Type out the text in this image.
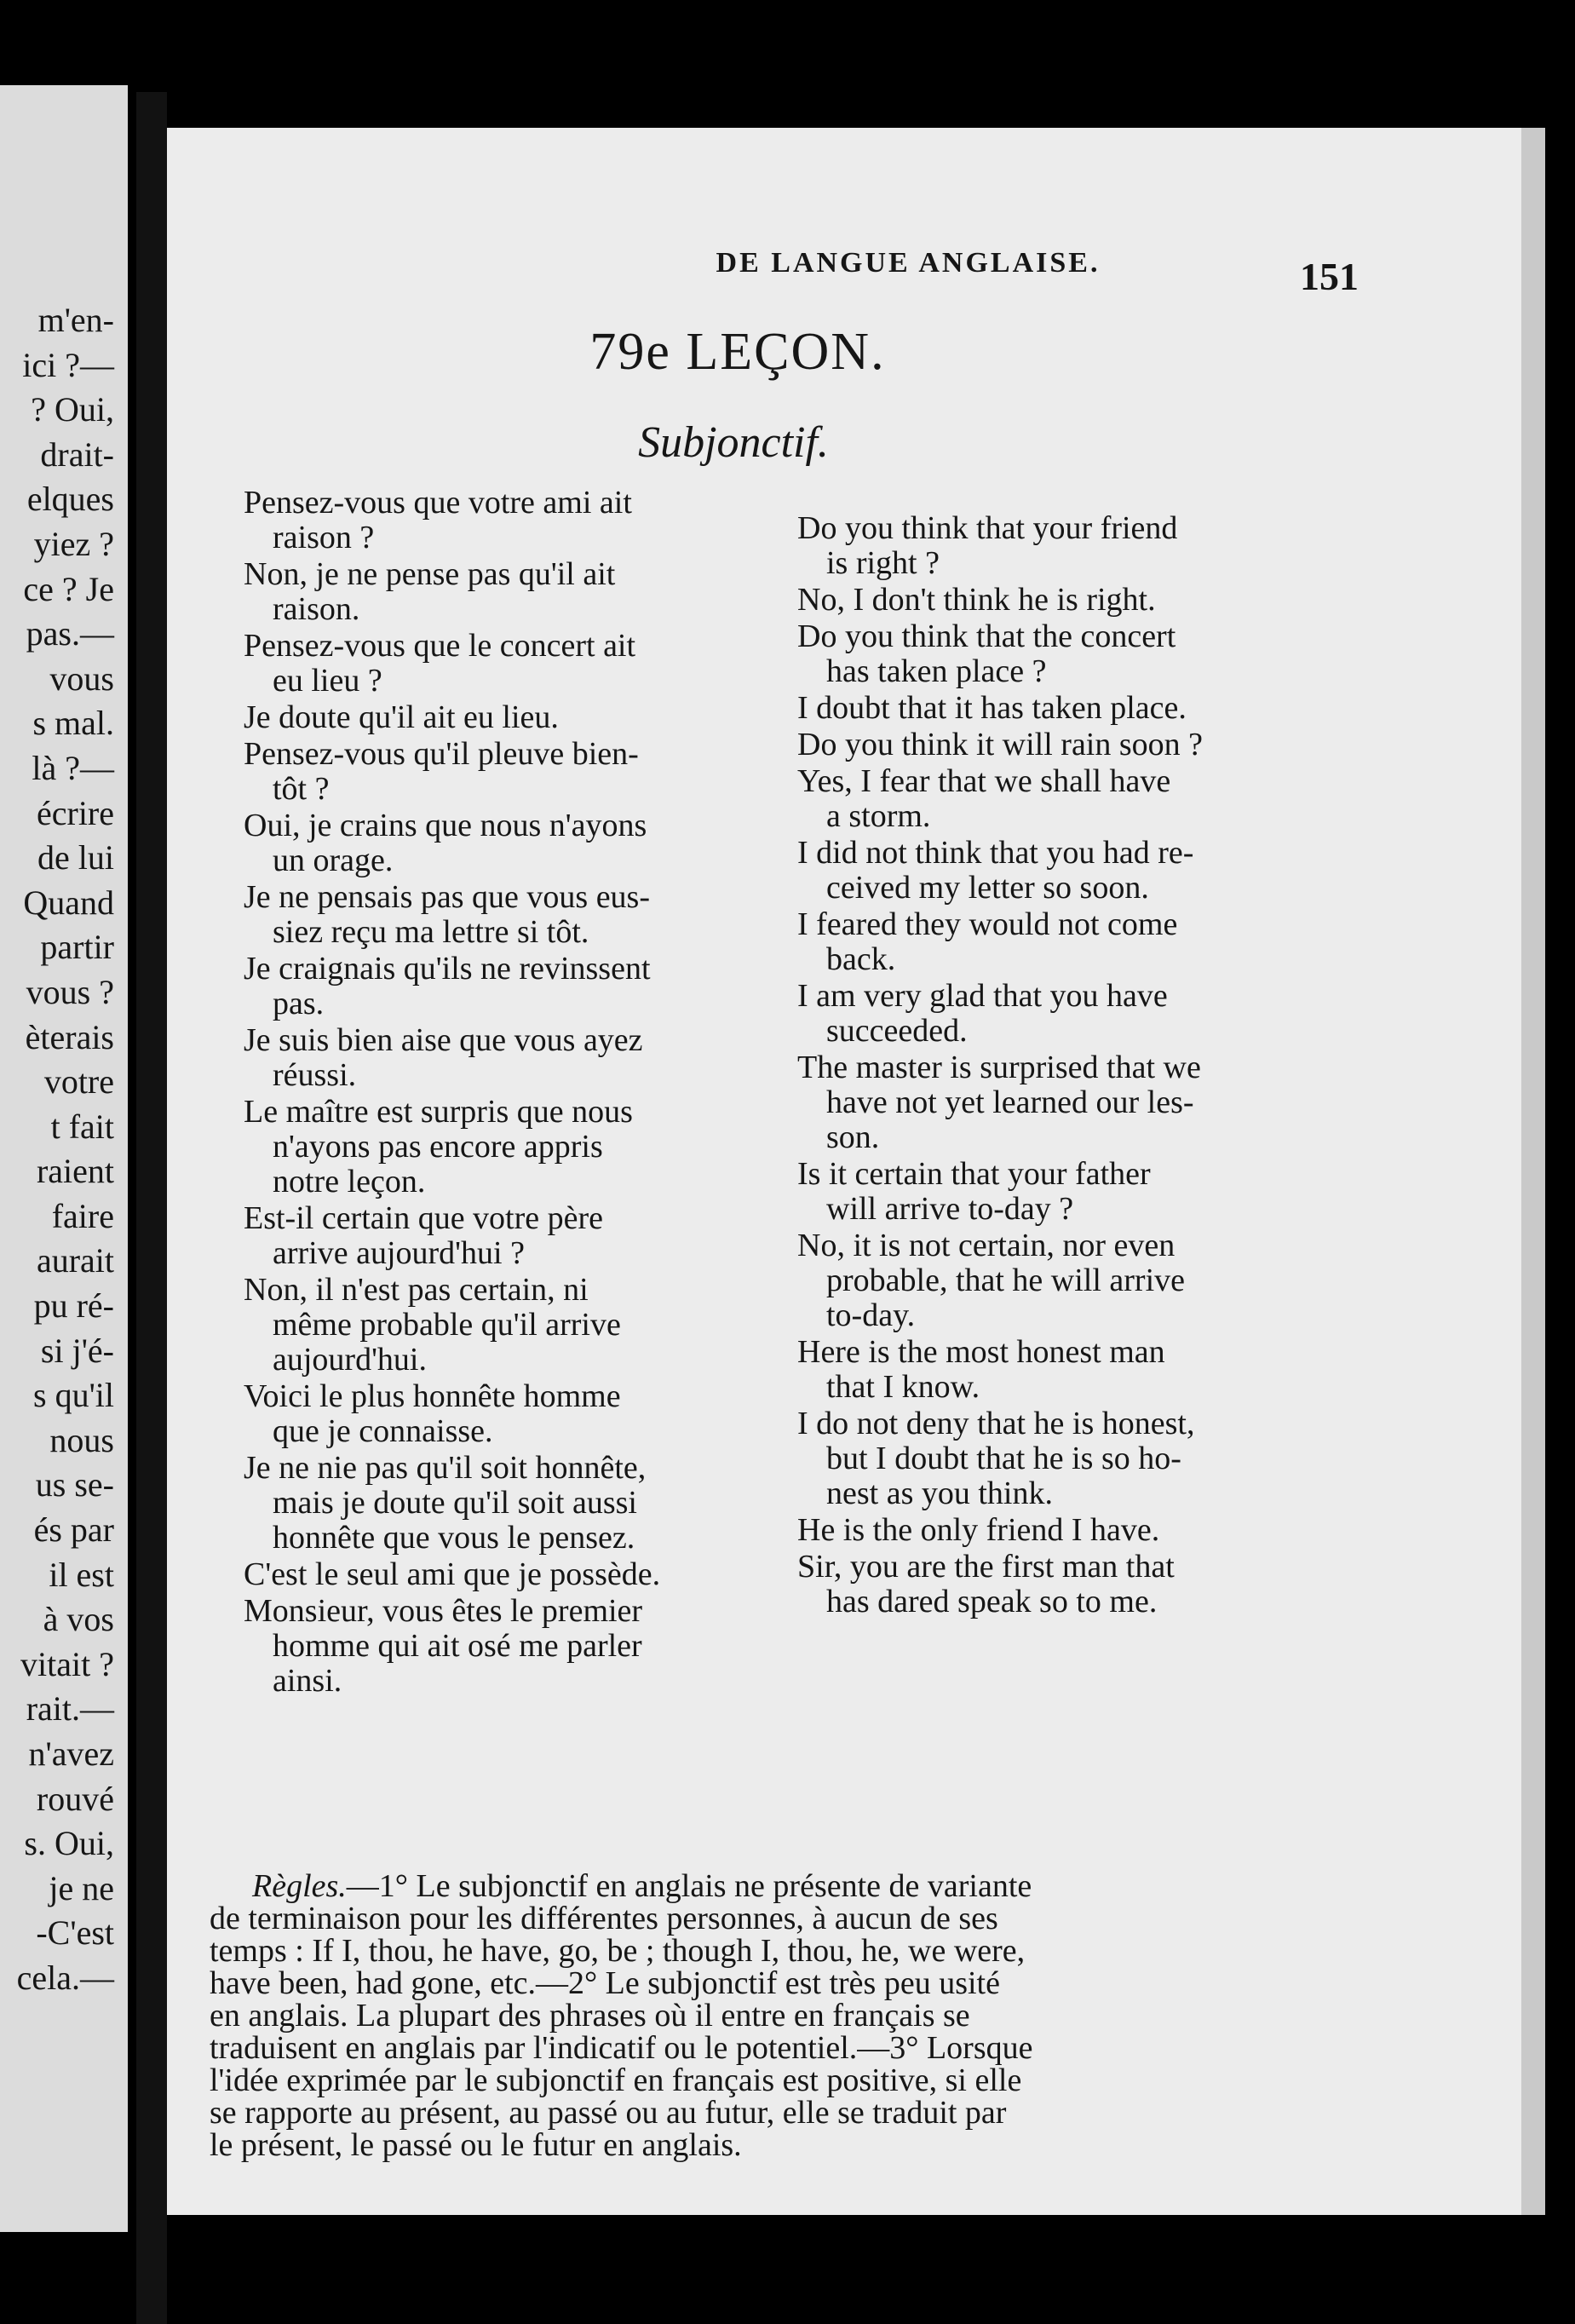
m'en-
ici ?—
? Oui,
drait-
elques
yiez ?
ce ? Je
pas.—
vous
s mal.
là ?—
écrire
de lui
Quand
partir
vous ?
èterais
votre
t fait
raient
faire
aurait
pu ré-
si j'é-
s qu'il
nous
us se-
és par
il est
à vos
vitait ?
rait.—
n'avez
rouvé
s. Oui,
je ne
-C'est
cela.—
DE LANGUE ANGLAISE.	151
79e LEÇON.
Subjonctif.
Pensez-vous que votre ami ait
raison ?
Non, je ne pense pas qu'il ait
raison.
Pensez-vous que le concert ait
eu lieu ?
Je doute qu'il ait eu lieu.
Pensez-vous qu'il pleuve bien-
tôt ?
Oui, je crains que nous n'ayons
un orage.
Je ne pensais pas que vous eus-
siez reçu ma lettre si tôt.
Je craignais qu'ils ne revinssent
pas.
Je suis bien aise que vous ayez
réussi.
Le maître est surpris que nous
n'ayons pas encore appris
notre leçon.
Est-il certain que votre père
arrive aujourd'hui ?
Non, il n'est pas certain, ni
même probable qu'il arrive
aujourd'hui.
Voici le plus honnête homme
que je connaisse.
Je ne nie pas qu'il soit honnête,
mais je doute qu'il soit aussi
honnête que vous le pensez.
C'est le seul ami que je possède.
Monsieur, vous êtes le premier
homme qui ait osé me parler
ainsi.
Do you think that your friend
is right ?
No, I don't think he is right.
Do you think that the concert
has taken place ?
I doubt that it has taken place.
Do you think it will rain soon ?
Yes, I fear that we shall have
a storm.
I did not think that you had re-
ceived my letter so soon.
I feared they would not come
back.
I am very glad that you have
succeeded.
The master is surprised that we
have not yet learned our les-
son.
Is it certain that your father
will arrive to-day ?
No, it is not certain, nor even
probable, that he will arrive
to-day.
Here is the most honest man
that I know.
I do not deny that he is honest,
but I doubt that he is so ho-
nest as you think.
He is the only friend I have.
Sir, you are the first man that
has dared speak so to me.
Règles.—1° Le subjonctif en anglais ne présente de variante
de terminaison pour les différentes personnes, à aucun de ses
temps : If I, thou, he have, go, be ; though I, thou, he, we were,
have been, had gone, etc.—2° Le subjonctif est très peu usité
en anglais. La plupart des phrases où il entre en français se
traduisent en anglais par l'indicatif ou le potentiel.—3° Lorsque
l'idée exprimée par le subjonctif en français est positive, si elle
se rapporte au présent, au passé ou au futur, elle se traduit par
le présent, le passé ou le futur en anglais.
